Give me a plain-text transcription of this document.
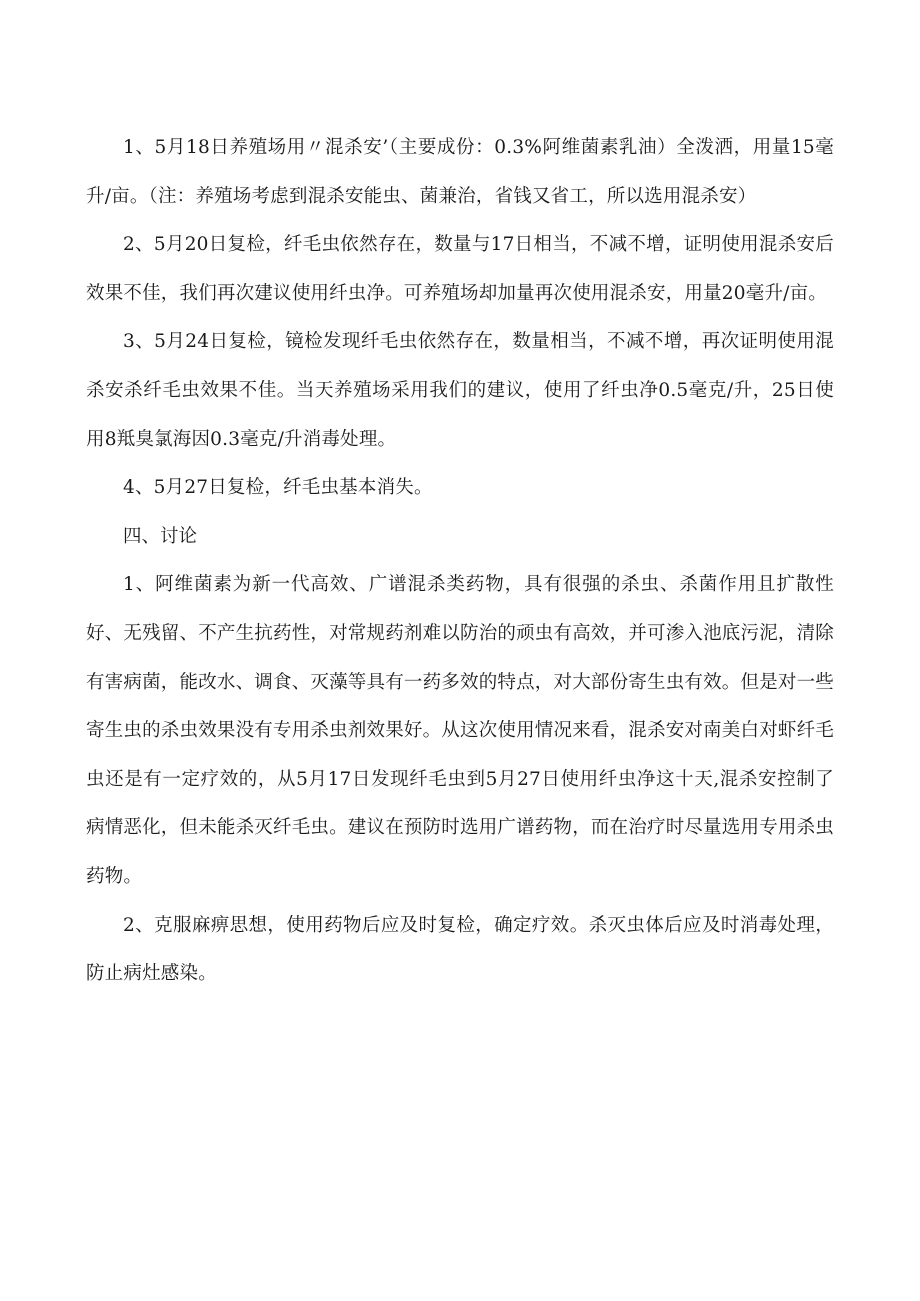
1、5月18日养殖场用〃混杀安’（主要成份：0.3%阿维菌素乳油）全泼洒，用量15毫升/亩。（注：养殖场考虑到混杀安能虫、菌兼治，省钱又省工，所以选用混杀安）

2、5月20日复检，纤毛虫依然存在，数量与17日相当，不减不增，证明使用混杀安后效果不佳，我们再次建议使用纤虫净。可养殖场却加量再次使用混杀安，用量20毫升/亩。

3、5月24日复检，镜检发现纤毛虫依然存在，数量相当，不减不增，再次证明使用混杀安杀纤毛虫效果不佳。当天养殖场采用我们的建议，使用了纤虫净0.5毫克/升，25日使用8羝臭氯海因0.3毫克/升消毒处理。

4、5月27日复检，纤毛虫基本消失。

四、讨论

1、阿维菌素为新一代高效、广谱混杀类药物，具有很强的杀虫、杀菌作用且扩散性好、无残留、不产生抗药性，对常规药剂难以防治的顽虫有高效，并可渗入池底污泥，清除有害病菌，能改水、调食、灭藻等具有一药多效的特点，对大部份寄生虫有效。但是对一些寄生虫的杀虫效果没有专用杀虫剂效果好。从这次使用情况来看，混杀安对南美白对虾纤毛虫还是有一定疗效的，从5月17日发现纤毛虫到5月27日使用纤虫净这十天,混杀安控制了病情恶化，但未能杀灭纤毛虫。建议在预防时选用广谱药物，而在治疗时尽量选用专用杀虫药物。

2、克服麻痹思想，使用药物后应及时复检，确定疗效。杀灭虫体后应及时消毒处理，防止病灶感染。
